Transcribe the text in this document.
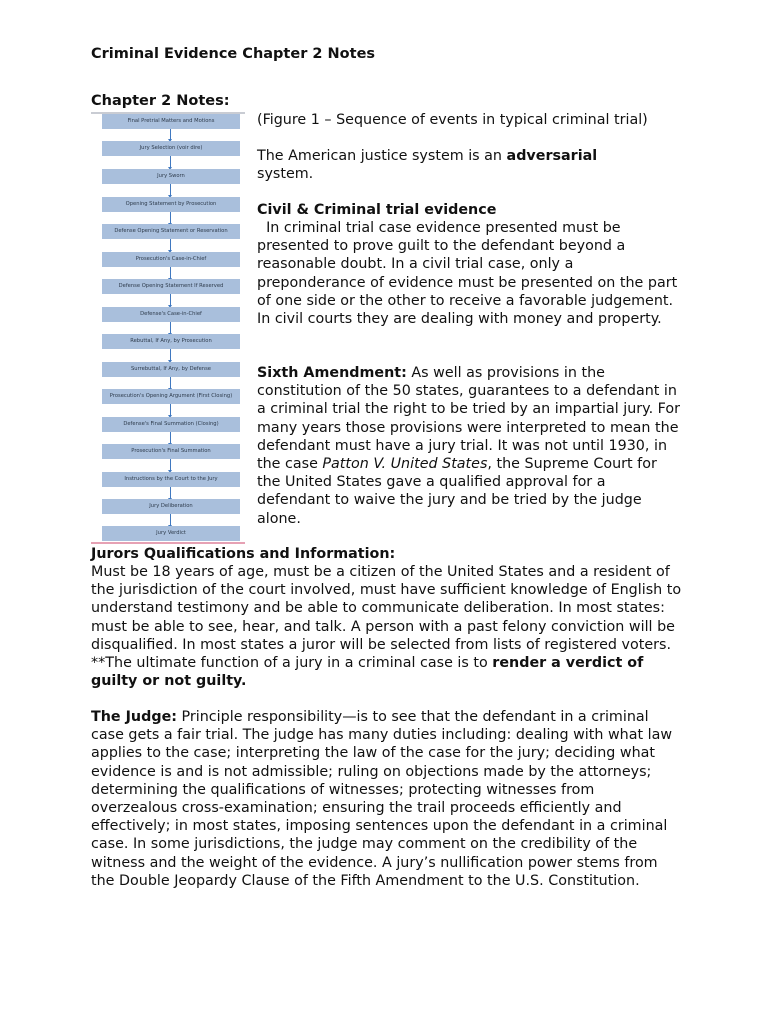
Criminal Evidence Chapter 2 Notes
Chapter 2 Notes:
Final Pretrial Matters and Motions
Jury Selection (voir dire)
Jury Sworn
Opening Statement by Prosecution
Defense Opening Statement or Reservation
Prosecution's Case-in-Chief
Defense Opening Statement If Reserved
Defense's Case-in-Chief
Rebuttal, If Any, by Prosecution
Surrebuttal, If Any, by Defense
Prosecution's Opening Argument (First Closing)
Defense's Final Summation (Closing)
Prosecution's Final Summation
Instructions by the Court to the Jury
Jury Deliberation
Jury Verdict

(Figure 1 – Sequence of events in typical criminal trial)

The American justice system is an adversarial system.

Civil & Criminal trial evidence

In criminal trial case evidence presented must be presented to prove guilt to the defendant beyond a reasonable doubt. In a civil trial case, only a preponderance of evidence must be presented on the part of one side or the other to receive a favorable judgement. In civil courts they are dealing with money and property.

Sixth Amendment: As well as provisions in the constitution of the 50 states, guarantees to a defendant in a criminal trial the right to be tried by an impartial jury. For many years those provisions were interpreted to mean the defendant must have a jury trial. It was not until 1930, in the case Patton V. United States, the Supreme Court for the United States gave a qualified approval for a defendant to waive the jury and be tried by the judge alone.

Jurors Qualifications and Information:

Must be 18 years of age, must be a citizen of the United States and a resident of the jurisdiction of the court involved, must have sufficient knowledge of English to understand testimony and be able to communicate deliberation. In most states: must be able to see, hear, and talk. A person with a past felony conviction will be disqualified. In most states a juror will be selected from lists of registered voters. **The ultimate function of a jury in a criminal case is to render a verdict of guilty or not guilty.

The Judge: Principle responsibility—is to see that the defendant in a criminal case gets a fair trial. The judge has many duties including: dealing with what law applies to the case; interpreting the law of the case for the jury; deciding what evidence is and is not admissible; ruling on objections made by the attorneys; determining the qualifications of witnesses; protecting witnesses from overzealous cross-examination; ensuring the trail proceeds efficiently and effectively; in most states, imposing sentences upon the defendant in a criminal case. In some jurisdictions, the judge may comment on the credibility of the witness and the weight of the evidence. A jury’s nullification power stems from the Double Jeopardy Clause of the Fifth Amendment to the U.S. Constitution.
